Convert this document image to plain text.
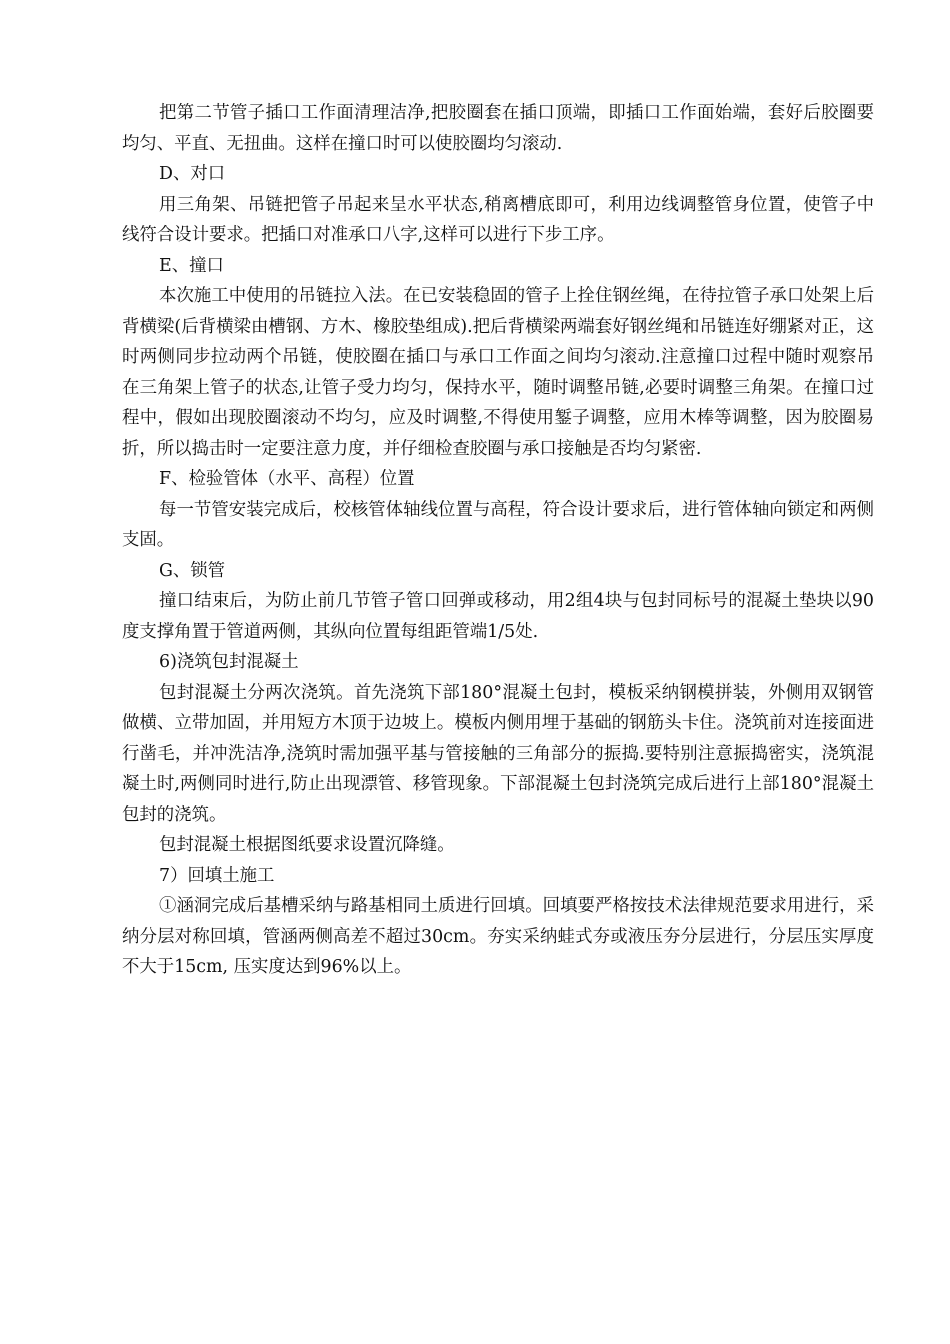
把第二节管子插口工作面清理洁净,把胶圈套在插口顶端，即插口工作面始端，套好后胶圈要均匀、平直、无扭曲。这样在撞口时可以使胶圈均匀滚动.

D、对口

用三角架、吊链把管子吊起来呈水平状态,稍离槽底即可，利用边线调整管身位置，使管子中线符合设计要求。把插口对准承口八字,这样可以进行下步工序。

E、撞口

本次施工中使用的吊链拉入法。在已安装稳固的管子上拴住钢丝绳，在待拉管子承口处架上后背横梁(后背横梁由槽钢、方木、橡胶垫组成).把后背横梁两端套好钢丝绳和吊链连好绷紧对正，这时两侧同步拉动两个吊链，使胶圈在插口与承口工作面之间均匀滚动.注意撞口过程中随时观察吊在三角架上管子的状态,让管子受力均匀，保持水平，随时调整吊链,必要时调整三角架。在撞口过程中，假如出现胶圈滚动不均匀，应及时调整,不得使用錾子调整，应用木棒等调整，因为胶圈易折，所以捣击时一定要注意力度，并仔细检查胶圈与承口接触是否均匀紧密.

F、检验管体（水平、高程）位置

每一节管安装完成后，校核管体轴线位置与高程，符合设计要求后，进行管体轴向锁定和两侧支固。

G、锁管

撞口结束后，为防止前几节管子管口回弹或移动，用2组4块与包封同标号的混凝土垫块以90度支撑角置于管道两侧，其纵向位置每组距管端1/5处.

6)浇筑包封混凝土

包封混凝土分两次浇筑。首先浇筑下部180°混凝土包封，模板采纳钢模拼装，外侧用双钢管做横、立带加固，并用短方木顶于边坡上。模板内侧用埋于基础的钢筋头卡住。浇筑前对连接面进行凿毛，并冲洗洁净,浇筑时需加强平基与管接触的三角部分的振捣.要特别注意振捣密实，浇筑混凝土时,两侧同时进行,防止出现漂管、移管现象。下部混凝土包封浇筑完成后进行上部180°混凝土包封的浇筑。

包封混凝土根据图纸要求设置沉降缝。

7）回填土施工

①涵洞完成后基槽采纳与路基相同土质进行回填。回填要严格按技术法律规范要求用进行，采纳分层对称回填，管涵两侧高差不超过30cm。夯实采纳蛙式夯或液压夯分层进行，分层压实厚度不大于15cm, 压实度达到96%以上。
